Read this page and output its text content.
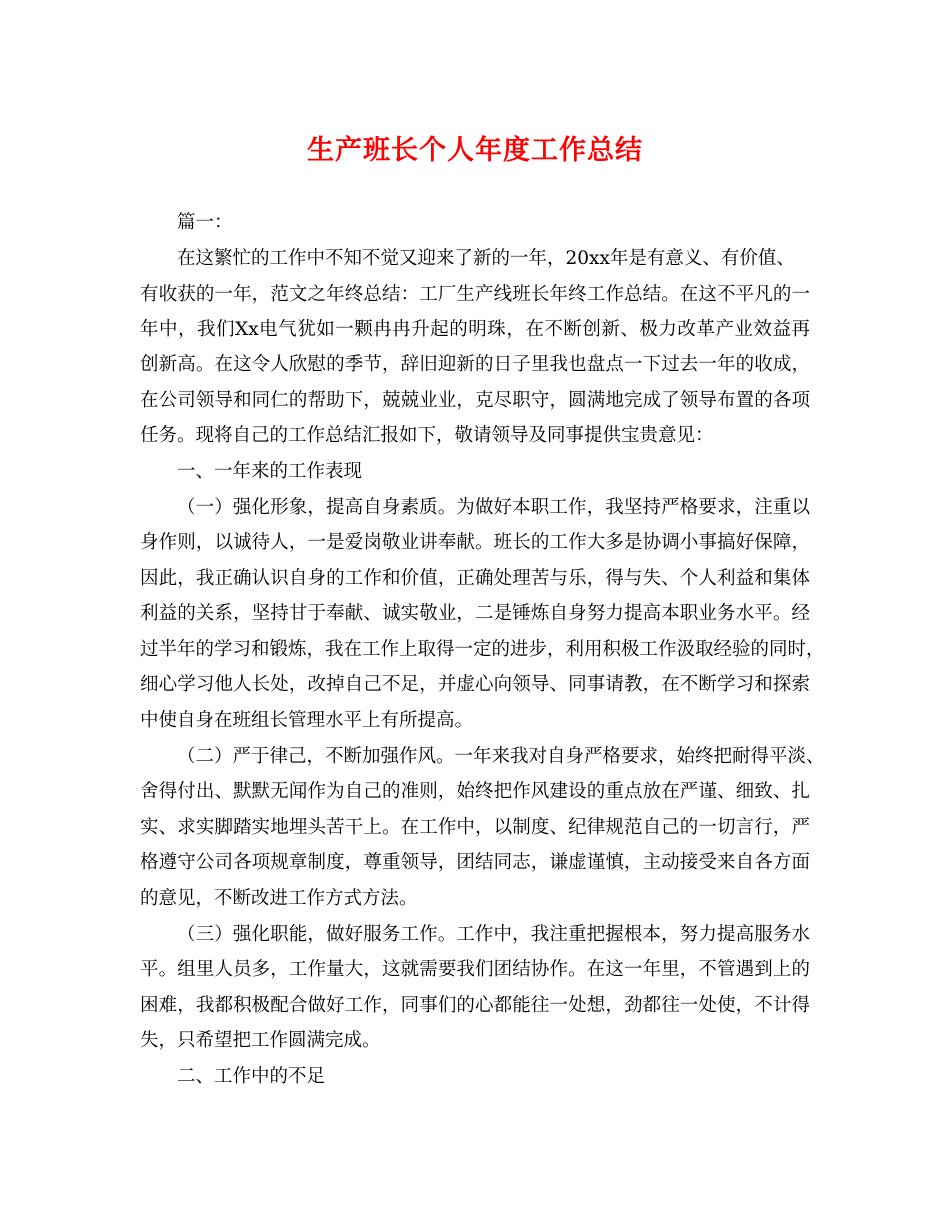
生产班长个人年度工作总结
篇一：
在这繁忙的工作中不知不觉又迎来了新的一年，20xx年是有意义、有价值、
有收获的一年，范文之年终总结：工厂生产线班长年终工作总结。在这不平凡的一
年中，我们Xx电气犹如一颗冉冉升起的明珠，在不断创新、极力改革产业效益再
创新高。在这令人欣慰的季节，辞旧迎新的日子里我也盘点一下过去一年的收成，
在公司领导和同仁的帮助下，兢兢业业，克尽职守，圆满地完成了领导布置的各项
任务。现将自己的工作总结汇报如下，敬请领导及同事提供宝贵意见：
一、一年来的工作表现
（一）强化形象，提高自身素质。为做好本职工作，我坚持严格要求，注重以
身作则，以诚待人，一是爱岗敬业讲奉献。班长的工作大多是协调小事搞好保障，
因此，我正确认识自身的工作和价值，正确处理苦与乐，得与失、个人利益和集体
利益的关系，坚持甘于奉献、诚实敬业，二是锤炼自身努力提高本职业务水平。经
过半年的学习和锻炼，我在工作上取得一定的进步，利用积极工作汲取经验的同时，
细心学习他人长处，改掉自己不足，并虚心向领导、同事请教，在不断学习和探索
中使自身在班组长管理水平上有所提高。
（二）严于律己，不断加强作风。一年来我对自身严格要求，始终把耐得平淡、
舍得付出、默默无闻作为自己的准则，始终把作风建设的重点放在严谨、细致、扎
实、求实脚踏实地埋头苦干上。在工作中，以制度、纪律规范自己的一切言行，严
格遵守公司各项规章制度，尊重领导，团结同志，谦虚谨慎，主动接受来自各方面
的意见，不断改进工作方式方法。
（三）强化职能，做好服务工作。工作中，我注重把握根本，努力提高服务水
平。组里人员多，工作量大，这就需要我们团结协作。在这一年里，不管遇到上的
困难，我都积极配合做好工作，同事们的心都能往一处想，劲都往一处使，不计得
失，只希望把工作圆满完成。
二、工作中的不足
